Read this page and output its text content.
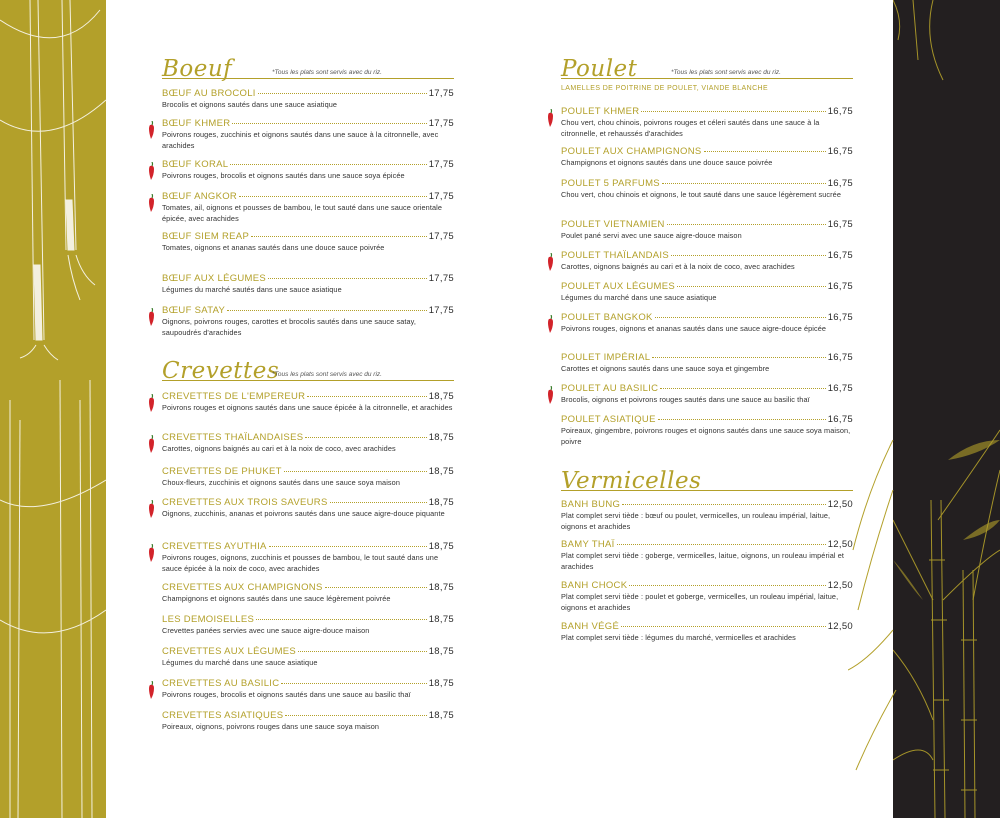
Boeuf	*Tous les plats sont servis avec du riz.
BŒUF AU BROCOLI	17,75
Brocolis et oignons sautés dans une sauce asiatique
BŒUF KHMER	17,75
Poivrons rouges, zucchinis et oignons sautés dans une sauce à la citronnelle, avec arachides
BŒUF KORAL	17,75
Poivrons rouges, brocolis et oignons sautés dans une sauce soya épicée
BŒUF ANGKOR	17,75
Tomates, ail, oignons et pousses de bambou, le tout sauté dans une sauce orientale épicée, avec arachides
BŒUF SIEM REAP	17,75
Tomates, oignons et ananas sautés dans une douce sauce poivrée
BŒUF AUX LÉGUMES	17,75
Légumes du marché sautés dans une sauce asiatique
BŒUF SATAY	17,75
Oignons, poivrons rouges, carottes et brocolis sautés dans une sauce satay, saupoudrés d'arachides
Crevettes
*Tous les plats sont servis avec du riz.
CREVETTES DE L'EMPEREUR	18,75
Poivrons rouges et oignons sautés dans une sauce épicée à la citronnelle, et arachides
CREVETTES THAÏLANDAISES	18,75
Carottes, oignons baignés au cari et à la noix de coco, avec arachides
CREVETTES DE PHUKET	18,75
Choux-fleurs, zucchinis et oignons sautés dans une sauce soya maison
CREVETTES AUX TROIS SAVEURS	18,75
Oignons, zucchinis, ananas et poivrons sautés dans une sauce aigre-douce piquante
CREVETTES AYUTHIA	18,75
Poivrons rouges, oignons, zucchinis et pousses de bambou, le tout sauté dans une sauce épicée à la noix de coco, avec arachides
CREVETTES AUX CHAMPIGNONS	18,75
Champignons et oignons sautés dans une sauce légèrement poivrée
LES DEMOISELLES	18,75
Crevettes panées servies avec une sauce aigre-douce maison
CREVETTES AUX LÉGUMES	18,75
Légumes du marché dans une sauce asiatique
CREVETTES AU BASILIC	18,75
Poivrons rouges, brocolis et oignons sautés dans une sauce au basilic thaï
CREVETTES ASIATIQUES	18,75
Poireaux, oignons, poivrons rouges dans une sauce soya maison
Poulet	*Tous les plats sont servis avec du riz.
LAMELLES DE POITRINE DE POULET, VIANDE BLANCHE
POULET KHMER	16,75
Chou vert, chou chinois, poivrons rouges et céleri sautés dans une sauce à la citronnelle, et rehaussés d'arachides
POULET AUX CHAMPIGNONS	16,75
Champignons et oignons sautés dans une douce sauce poivrée
POULET 5 PARFUMS	16,75
Chou vert, chou chinois et oignons, le tout sauté dans une sauce légèrement sucrée
POULET VIETNAMIEN	16,75
Poulet pané servi avec une sauce aigre-douce maison
POULET THAÏLANDAIS	16,75
Carottes, oignons baignés au cari et à la noix de coco, avec arachides
POULET AUX LÉGUMES	16,75
Légumes du marché dans une sauce asiatique
POULET BANGKOK	16,75
Poivrons rouges, oignons et ananas sautés dans une sauce aigre-douce épicée
POULET IMPÉRIAL	16,75
Carottes et oignons sautés dans une sauce soya et gingembre
POULET AU BASILIC	16,75
Brocolis, oignons et poivrons rouges sautés dans une sauce au basilic thaï
POULET ASIATIQUE	16,75
Poireaux, gingembre, poivrons rouges et oignons sautés dans une sauce soya maison, poivre
Vermicelles
BANH BUNG	12,50
Plat complet servi tiède : bœuf ou poulet, vermicelles, un rouleau impérial, laitue, oignons et arachides
BAMY THAÏ	12,50
Plat complet servi tiède : goberge, vermicelles, laitue, oignons, un rouleau impérial et arachides
BANH CHOCK	12,50
Plat complet servi tiède : poulet et goberge, vermicelles, un rouleau impérial, laitue, oignons et arachides
BANH VÉGÉ	12,50
Plat complet servi tiède : légumes du marché, vermicelles et arachides
